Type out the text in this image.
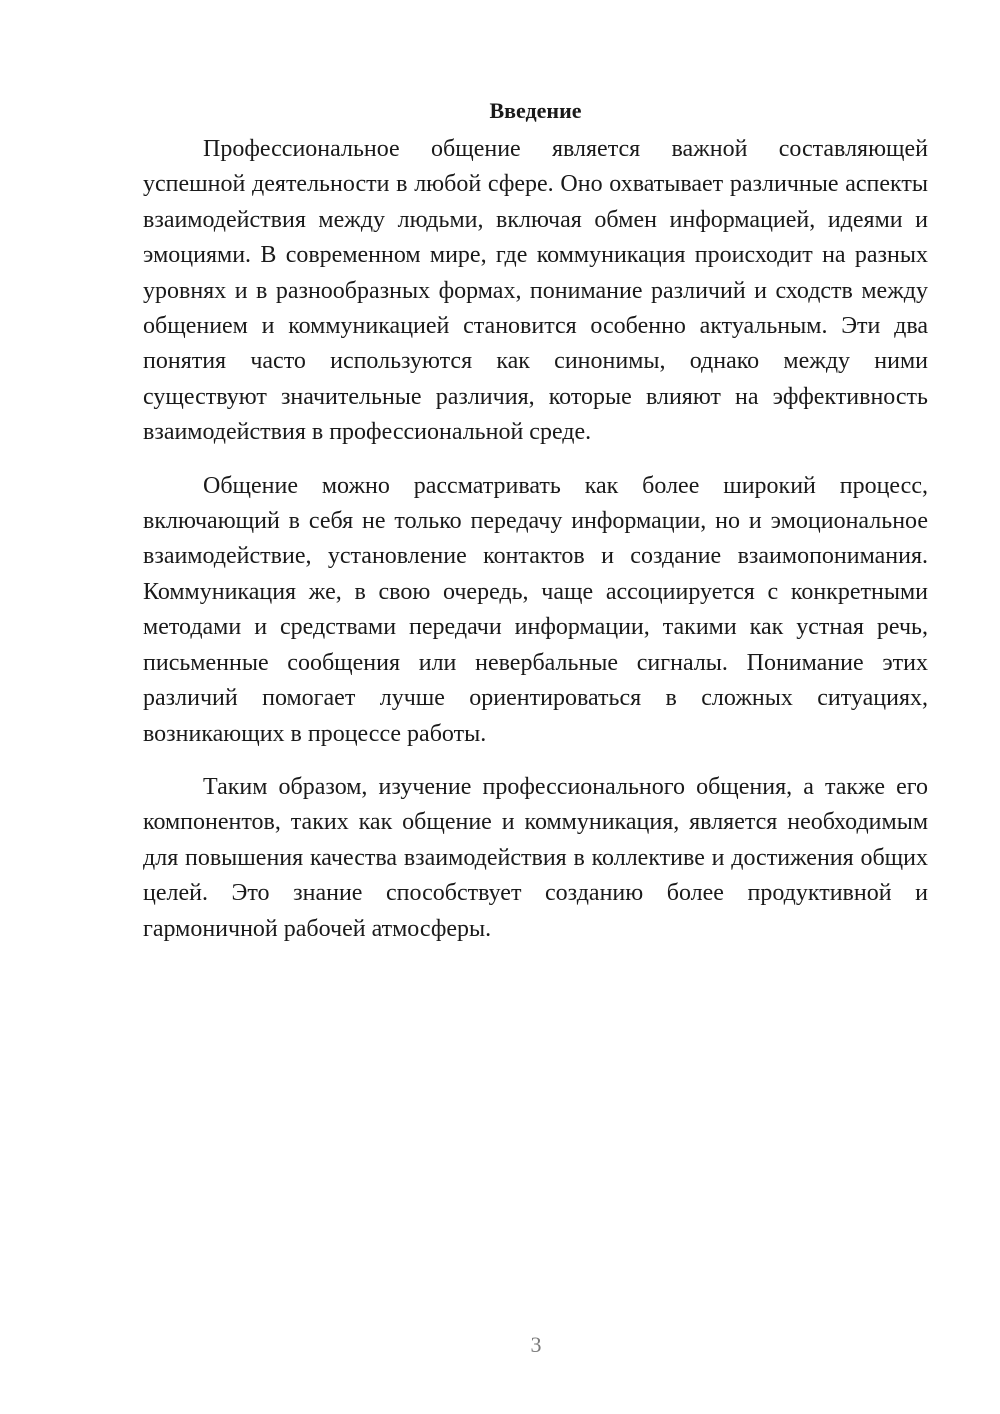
Введение

Профессиональное общение является важной составляющей успешной деятельности в любой сфере. Оно охватывает различные аспекты взаимодействия между людьми, включая обмен информацией, идеями и эмоциями. В современном мире, где коммуникация происходит на разных уровнях и в разнообразных формах, понимание различий и сходств между общением и коммуникацией становится особенно актуальным. Эти два понятия часто используются как синонимы, однако между ними существуют значительные различия, которые влияют на эффективность взаимодействия в профессиональной среде.

Общение можно рассматривать как более широкий процесс, включающий в себя не только передачу информации, но и эмоциональное взаимодействие, установление контактов и создание взаимопонимания. Коммуникация же, в свою очередь, чаще ассоциируется с конкретными методами и средствами передачи информации, такими как устная речь, письменные сообщения или невербальные сигналы. Понимание этих различий помогает лучше ориентироваться в сложных ситуациях, возникающих в процессе работы.

Таким образом, изучение профессионального общения, а также его компонентов, таких как общение и коммуникация, является необходимым для повышения качества взаимодействия в коллективе и достижения общих целей. Это знание способствует созданию более продуктивной и гармоничной рабочей атмосферы.

3
